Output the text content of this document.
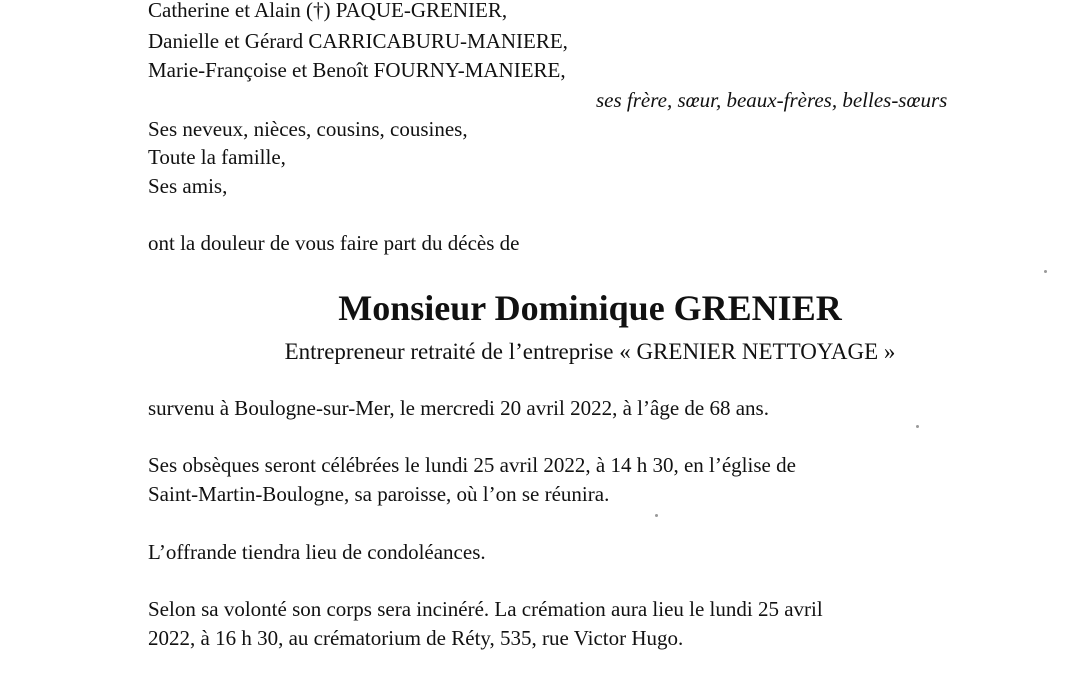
Catherine et Alain (†) PAQUE-GRENIER,
Danielle et Gérard CARRICABURU-MANIERE,
Marie-Françoise et Benoît FOURNY-MANIERE,
ses frère, sœur, beaux-frères, belles-sœurs
Ses neveux, nièces, cousins, cousines,
Toute la famille,
Ses amis,
ont la douleur de vous faire part du décès de
Monsieur Dominique GRENIER
Entrepreneur retraité de l’entreprise « GRENIER NETTOYAGE »
survenu à Boulogne-sur-Mer, le mercredi 20 avril 2022, à l’âge de 68 ans.
Ses obsèques seront célébrées le lundi 25 avril 2022, à 14 h 30, en l’église de
Saint-Martin-Boulogne, sa paroisse, où l’on se réunira.
L’offrande tiendra lieu de condoléances.
Selon sa volonté son corps sera incinéré. La crémation aura lieu le lundi 25 avril
2022, à 16 h 30, au crématorium de Réty, 535, rue Victor Hugo.
